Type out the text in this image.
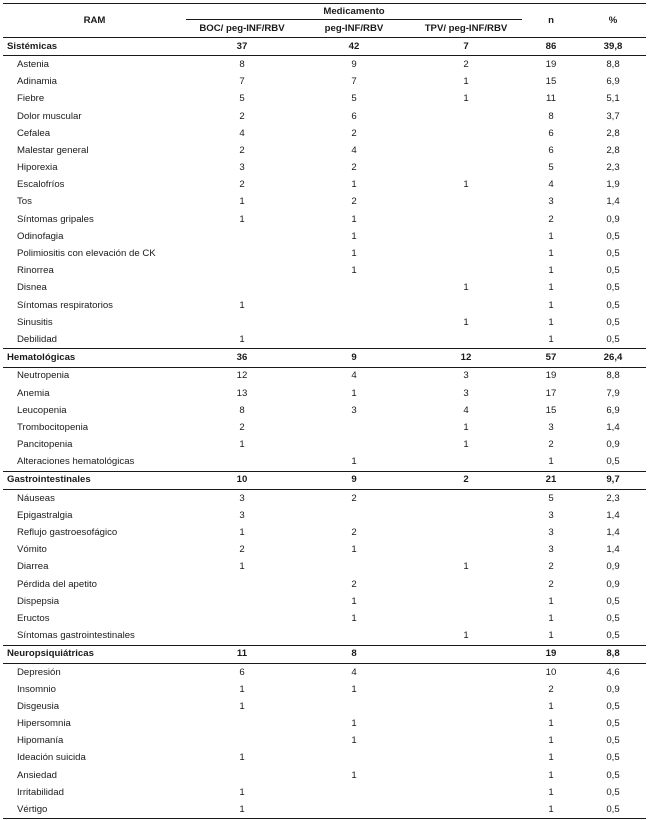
RAM	Medicamento			n	%
	BOC/ peg-INF/RBV	peg-INF/RBV	TPV/ peg-INF/RBV		
Sistémicas	37	42	7	86	39,8
Astenia	8	9	2	19	8,8
Adinamia	7	7	1	15	6,9
Fiebre	5	5	1	11	5,1
Dolor muscular	2	6		8	3,7
Cefalea	4	2		6	2,8
Malestar general	2	4		6	2,8
Hiporexia	3	2		5	2,3
Escalofríos	2	1	1	4	1,9
Tos	1	2		3	1,4
Síntomas gripales	1	1		2	0,9
Odinofagia		1		1	0,5
Polimiositis con elevación de CK		1		1	0,5
Rinorrea		1		1	0,5
Disnea			1	1	0,5
Síntomas respiratorios	1			1	0,5
Sinusitis			1	1	0,5
Debilidad	1			1	0,5
Hematológicas	36	9	12	57	26,4
Neutropenia	12	4	3	19	8,8
Anemia	13	1	3	17	7,9
Leucopenia	8	3	4	15	6,9
Trombocitopenia	2		1	3	1,4
Pancitopenia	1		1	2	0,9
Alteraciones hematológicas		1		1	0,5
Gastrointestinales	10	9	2	21	9,7
Náuseas	3	2		5	2,3
Epigastralgia	3			3	1,4
Reflujo gastroesofágico	1	2		3	1,4
Vómito	2	1		3	1,4
Diarrea	1		1	2	0,9
Pérdida del apetito		2		2	0,9
Dispepsia		1		1	0,5
Eructos		1		1	0,5
Síntomas gastrointestinales			1	1	0,5
Neuropsiquiátricas	11	8		19	8,8
Depresión	6	4		10	4,6
Insomnio	1	1		2	0,9
Disgeusia	1			1	0,5
Hipersomnia		1		1	0,5
Hipomanía		1		1	0,5
Ideación suicida	1			1	0,5
Ansiedad		1		1	0,5
Irritabilidad	1			1	0,5
Vértigo	1			1	0,5
